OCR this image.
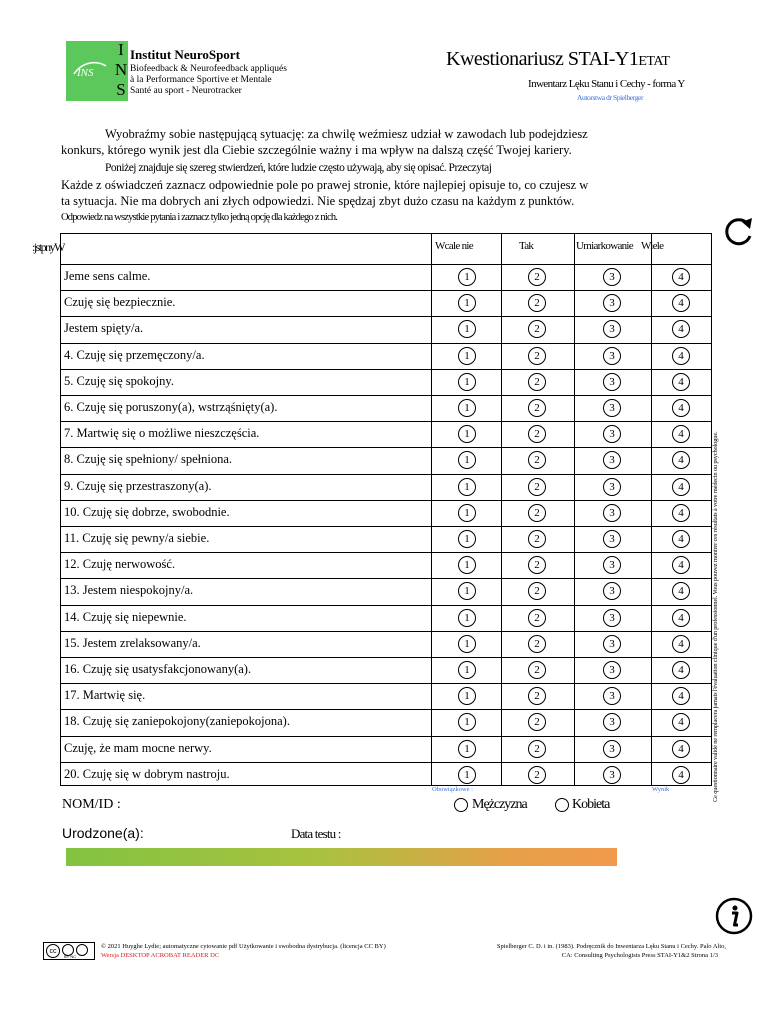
INS
I
N
S
Institut NeuroSport
Biofeedback & Neurofeedback appliqués
à la Performance Sportive et Mentale
Santé au sport - Neurotracker
Kwestionariusz STAI-Y1ETAT
Inwentarz Lęku Stanu i Cechy - forma Y
Autorstwa dr Spielberger
Wyobraźmy sobie następującą sytuację: za chwilę weźmiesz udział w zawodach lub podejdziesz
konkurs, którego wynik jest dla Ciebie szczególnie ważny i ma wpływ na dalszą część Twojej kariery.
Poniżej znajduje się szereg stwierdzeń, które ludzie często używają, aby się opisać. Przeczytaj
Każde z oświadczeń zaznacz odpowiednie pole po prawej stronie, które najlepiej opisuje to, co czujesz w
ta sytuacja. Nie ma dobrych ani złych odpowiedzi. Nie spędzaj zbyt dużo czasu na każdym z punktów.
Odpowiedz na wszystkie pytania i zaznacz tylko jedną opcję dla każdego z nich.
:jstpnyW	Wcale nie	Tak	Umiarkowanie Wiele
Jeme sens calme.	1	2	3	4
Czuję się bezpiecznie.	1	2	3	4
Jestem spięty/a.	1	2	3	4
4. Czuję się przemęczony/a.	1	2	3	4
5. Czuję się spokojny.	1	2	3	4
6. Czuję się poruszony(a), wstrząśnięty(a).	1	2	3	4
7. Martwię się o możliwe nieszczęścia.	1	2	3	4
8. Czuję się spełniony/ spełniona.	1	2	3	4
9. Czuję się przestraszony(a).	1	2	3	4
10. Czuję się dobrze, swobodnie.	1	2	3	4
11. Czuję się pewny/a siebie.	1	2	3	4
12. Czuję nerwowość.	1	2	3	4
13. Jestem niespokojny/a.	1	2	3	4
14. Czuję się niepewnie.	1	2	3	4
15. Jestem zrelaksowany/a.	1	2	3	4
16. Czuję się usatysfakcjonowany(a).	1	2	3	4
17. Martwię się.	1	2	3	4
18. Czuję się zaniepokojony(zaniepokojona).	1	2	3	4
Czuję, że mam mocne nerwy.	1	2	3	4
20. Czuję się w dobrym nastroju.	1	2	3	4	Ce questionnaire validé ne remplacera jamais l'évaluation clinique d'un professionnel. Vous pouvez montrer ces résultats à votre médecin ou psychologue.
Obowiązkowe :	Wynik
NOM/ID :	Mężczyzna	Kobieta
Urodzone(a):	Data testu :
cc
BY NC
© 2021 Huyghe Lydie; automatyczne cytowanie pdf Użytkowanie i swobodna dystrybucja. (licencja CC BY)
Wersja DESKTOP ACROBAT READER DC
Spielberger C. D. i in. (1983). Podręcznik do Inwentarza Lęku Stanu i Cechy. Palo Alto,
CA: Consulting Psychologists Press STAI-Y1&2 Strona 1/3
